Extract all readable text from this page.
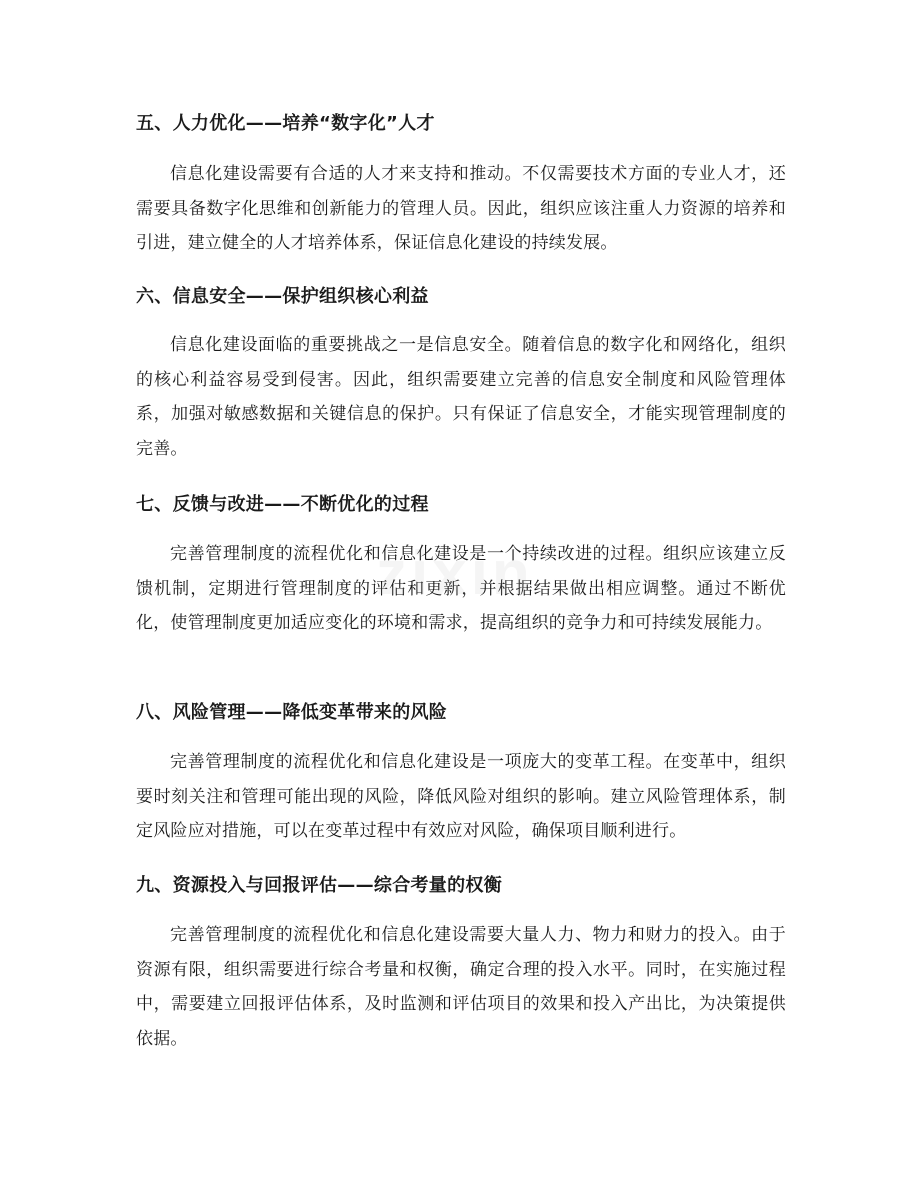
五、人力优化——培养“数字化”人才

信息化建设需要有合适的人才来支持和推动。不仅需要技术方面的专业人才，还需要具备数字化思维和创新能力的管理人员。因此，组织应该注重人力资源的培养和引进，建立健全的人才培养体系，保证信息化建设的持续发展。

六、信息安全——保护组织核心利益

信息化建设面临的重要挑战之一是信息安全。随着信息的数字化和网络化，组织的核心利益容易受到侵害。因此，组织需要建立完善的信息安全制度和风险管理体系，加强对敏感数据和关键信息的保护。只有保证了信息安全，才能实现管理制度的完善。

七、反馈与改进——不断优化的过程

完善管理制度的流程优化和信息化建设是一个持续改进的过程。组织应该建立反馈机制，定期进行管理制度的评估和更新，并根据结果做出相应调整。通过不断优化，使管理制度更加适应变化的环境和需求，提高组织的竞争力和可持续发展能力。

八、风险管理——降低变革带来的风险

完善管理制度的流程优化和信息化建设是一项庞大的变革工程。在变革中，组织要时刻关注和管理可能出现的风险，降低风险对组织的影响。建立风险管理体系，制定风险应对措施，可以在变革过程中有效应对风险，确保项目顺利进行。

九、资源投入与回报评估——综合考量的权衡

完善管理制度的流程优化和信息化建设需要大量人力、物力和财力的投入。由于资源有限，组织需要进行综合考量和权衡，确定合理的投入水平。同时，在实施过程中，需要建立回报评估体系，及时监测和评估项目的效果和投入产出比，为决策提供依据。

zixin
